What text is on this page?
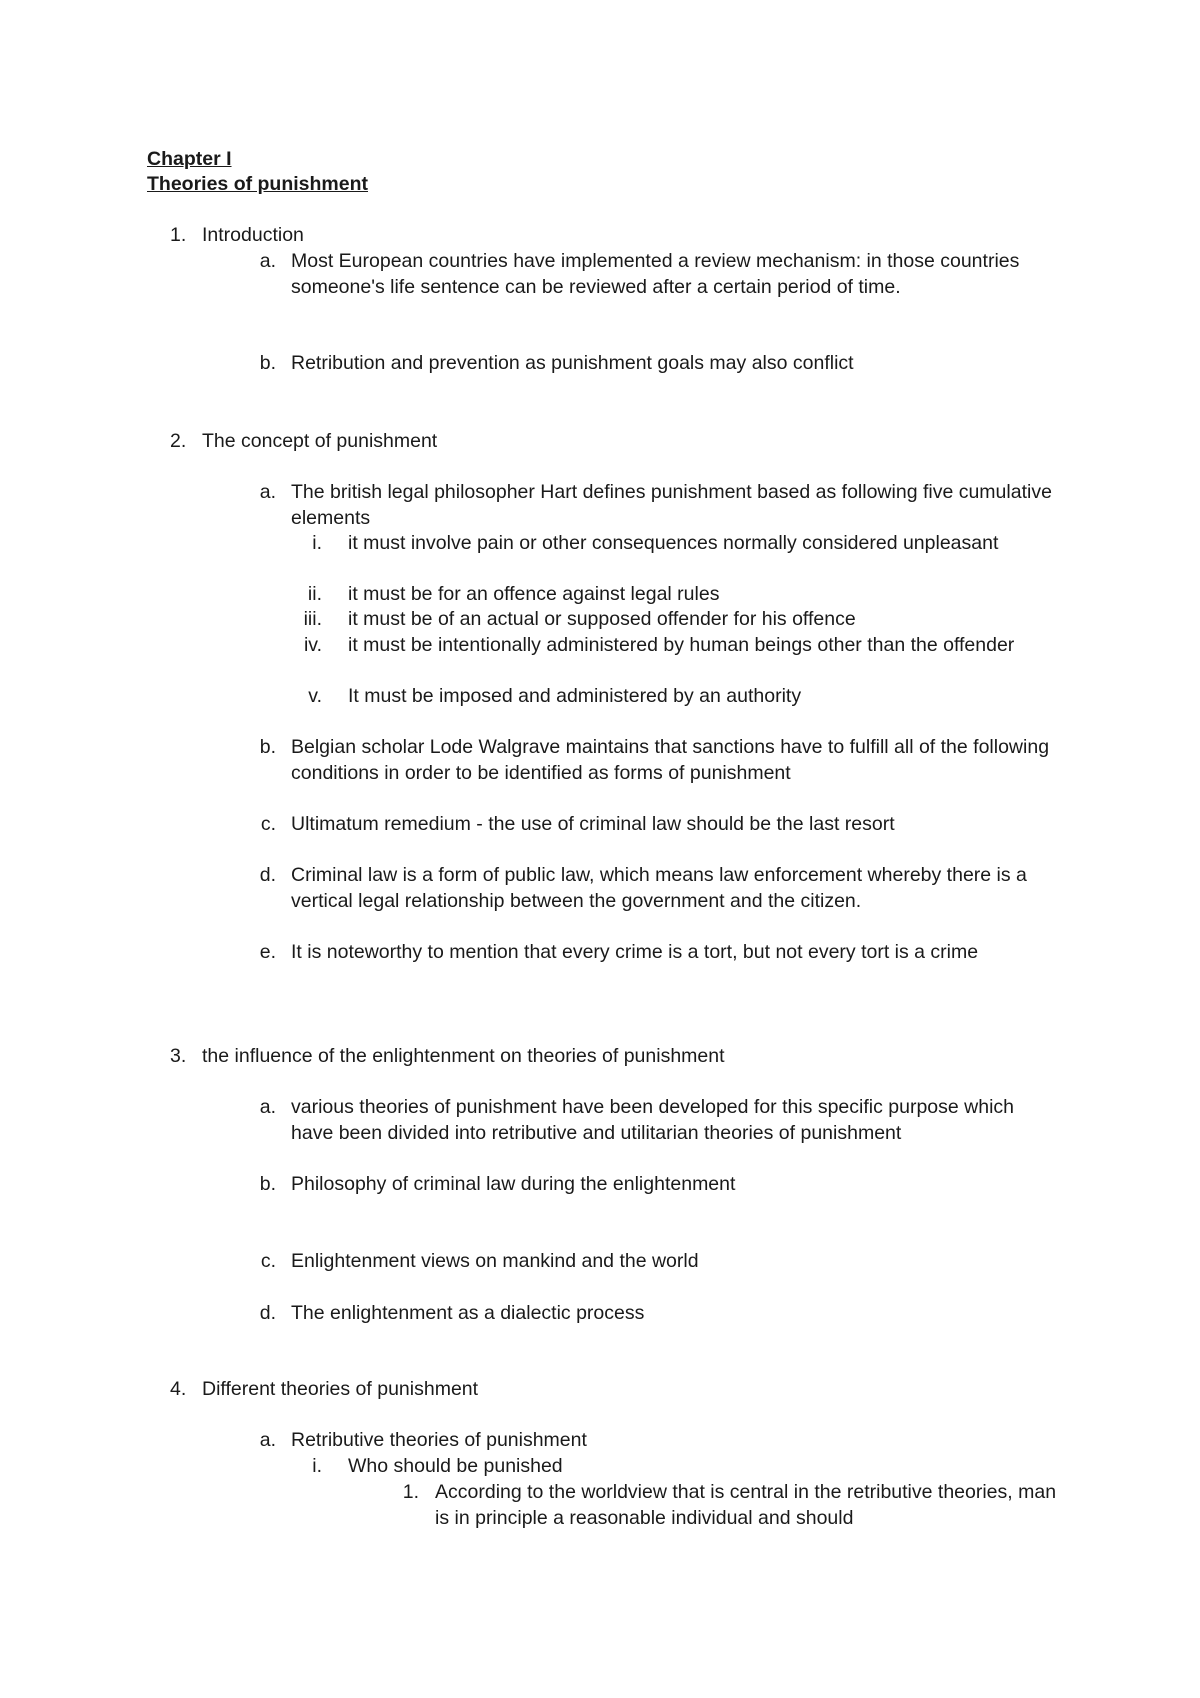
Chapter I
Theories of punishment
1. Introduction
a. Most European countries have implemented a review mechanism: in those countries someone's life sentence can be reviewed after a certain period of time.
b. Retribution and prevention as punishment goals may also conflict
2. The concept of punishment
a. The british legal philosopher Hart defines punishment based as following five cumulative elements
i.	it must involve pain or other consequences normally considered unpleasant
ii.	it must be for an offence against legal rules
iii.	it must be of an actual or supposed offender for his offence
iv.	it must be intentionally administered by human beings other than the offender
v.	It must be imposed and administered by an authority
b. Belgian scholar Lode Walgrave maintains that sanctions have to fulfill all of the following conditions in order to be identified as forms of punishment
c. Ultimatum remedium - the use of criminal law should be the last resort
d. Criminal law is a form of public law, which means law enforcement whereby there is a vertical legal relationship between the government and the citizen.
e. It is noteworthy to mention that every crime is a tort, but not every tort is a crime
3. the influence of the enlightenment on theories of punishment
a. various theories of punishment have been developed for this specific purpose which have been divided into retributive and utilitarian theories of punishment
b. Philosophy of criminal law during the enlightenment
c. Enlightenment views on mankind and the world
d. The enlightenment as a dialectic process
4. Different theories of punishment
a. Retributive theories of punishment
i.	Who should be punished
1. According to the worldview that is central in the retributive theories, man is in principle a reasonable individual and should
